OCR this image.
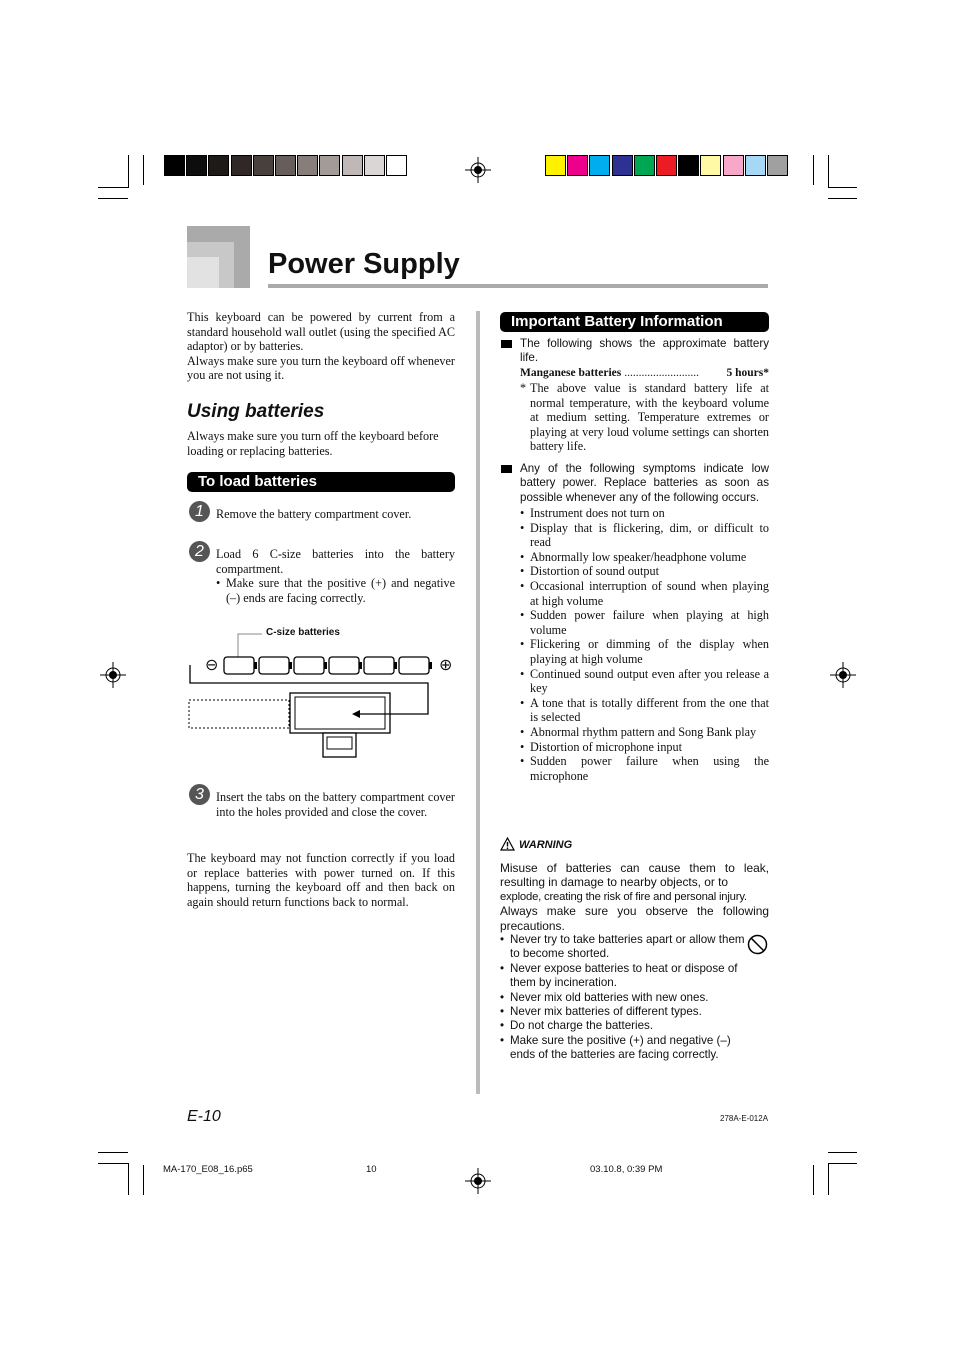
Power Supply

This keyboard can be powered by current from a standard household wall outlet (using the specified AC adaptor) or by batteries.

Always make sure you turn the keyboard off whenever you are not using it.

Using batteries
Always make sure you turn off the keyboard before loading or replacing batteries.
To load batteries
1 Remove the battery compartment cover.
2 Load 6 C-size batteries into the battery compartment.

• Make sure that the positive (+) and negative (–) ends are facing correctly.
C-size batteries
⊖	⊕
3 Insert the tabs on the battery compartment cover into the holes provided and close the cover.
The keyboard may not function correctly if you load or replace batteries with power turned on. If this happens, turning the keyboard off and then back on again should return functions back to normal.
Important Battery Information
The following shows the approximate battery life.
Manganese batteries ..........................	5 hours*
* The above value is standard battery life at normal temperature, with the keyboard volume at medium setting. Temperature extremes or playing at very loud volume settings can shorten battery life.
Any of the following symptoms indicate low battery power. Replace batteries as soon as possible whenever any of the following occurs.
• Instrument does not turn on
• Display that is flickering, dim, or difficult to read
• Abnormally low speaker/headphone volume
• Distortion of sound output
• Occasional interruption of sound when playing at high volume
• Sudden power failure when playing at high volume
• Flickering or dimming of the display when playing at high volume
• Continued sound output even after you release a key
• A tone that is totally different from the one that is selected
• Abnormal rhythm pattern and Song Bank play
• Distortion of microphone input
• Sudden power failure when using the microphone
WARNING

Misuse of batteries can cause them to leak, resulting in damage to nearby objects, or to

explode, creating the risk of fire and personal injury.

Always make sure you observe the following precautions.

• Never try to take batteries apart or allow them to become shorted.
• Never expose batteries to heat or dispose of them by incineration.
• Never mix old batteries with new ones.
• Never mix batteries of different types.
• Do not charge the batteries.
• Make sure the positive (+) and negative (–) ends of the batteries are facing correctly.
E-10	278A-E-012A
MA-170_E08_16.p65	10	03.10.8, 0:39 PM
